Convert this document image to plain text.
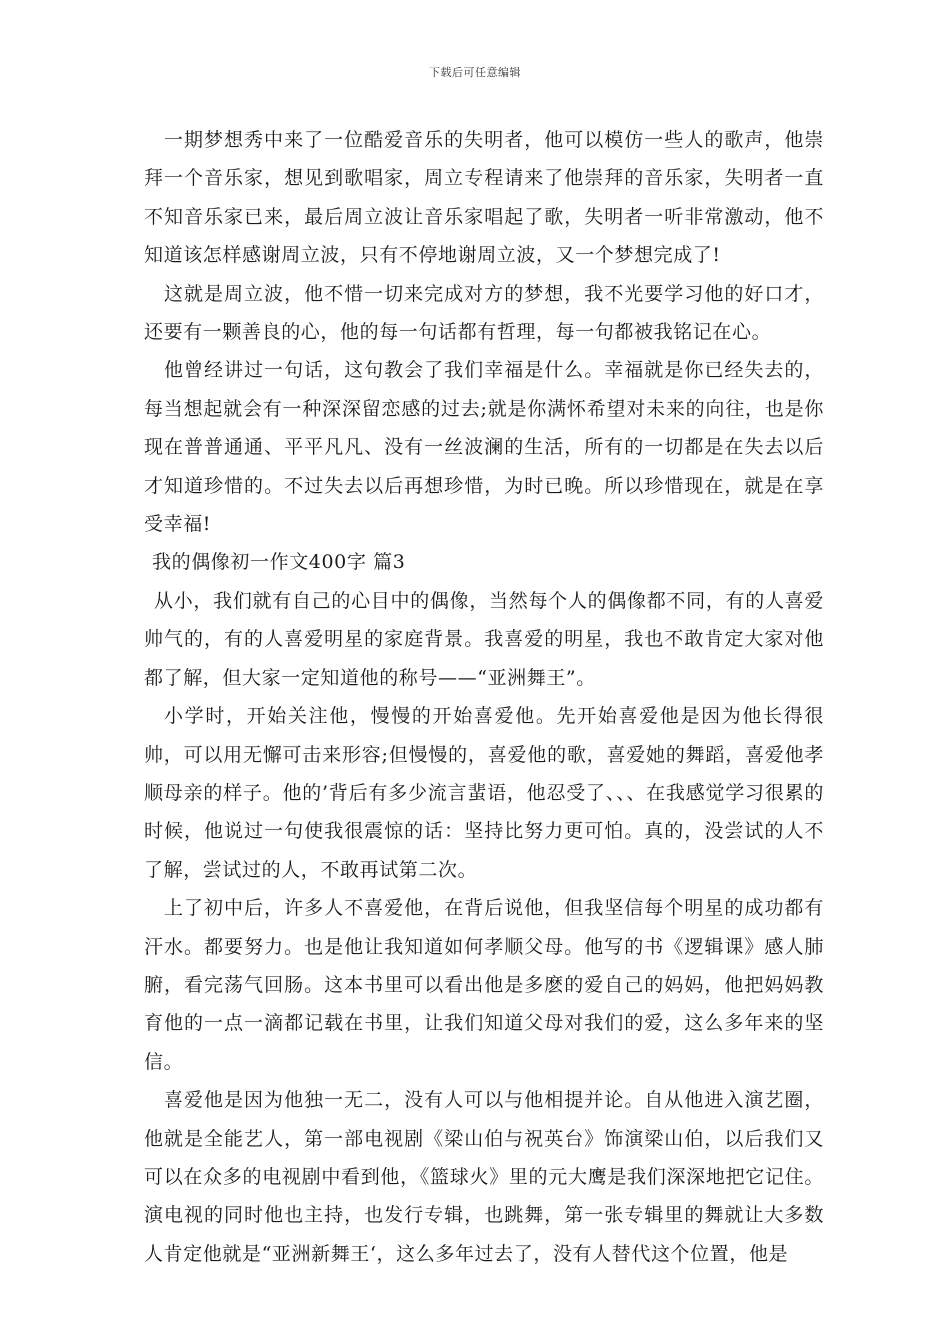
下载后可任意编辑

一期梦想秀中来了一位酷爱音乐的失明者，他可以模仿一些人的歌声，他崇拜一个音乐家，想见到歌唱家，周立专程请来了他崇拜的音乐家，失明者一直不知音乐家已来，最后周立波让音乐家唱起了歌，失明者一听非常激动，他不知道该怎样感谢周立波，只有不停地谢周立波，又一个梦想完成了!

这就是周立波，他不惜一切来完成对方的梦想，我不光要学习他的好口才，还要有一颗善良的心，他的每一句话都有哲理，每一句都被我铭记在心。

他曾经讲过一句话，这句教会了我们幸福是什么。幸福就是你已经失去的，每当想起就会有一种深深留恋感的过去;就是你满怀希望对未来的向往，也是你现在普普通通、平平凡凡、没有一丝波澜的生活，所有的一切都是在失去以后才知道珍惜的。不过失去以后再想珍惜，为时已晚。所以珍惜现在，就是在享受幸福!

我的偶像初一作文400字 篇3

从小，我们就有自己的心目中的偶像，当然每个人的偶像都不同，有的人喜爱帅气的，有的人喜爱明星的家庭背景。我喜爱的明星，我也不敢肯定大家对他都了解，但大家一定知道他的称号——“亚洲舞王”。

小学时，开始关注他，慢慢的开始喜爱他。先开始喜爱他是因为他长得很帅，可以用无懈可击来形容;但慢慢的，喜爱他的歌，喜爱她的舞蹈，喜爱他孝顺母亲的样子。他的’背后有多少流言蜚语，他忍受了、、、在我感觉学习很累的时候，他说过一句使我很震惊的话：坚持比努力更可怕。真的，没尝试的人不了解，尝试过的人，不敢再试第二次。

上了初中后，许多人不喜爱他，在背后说他，但我坚信每个明星的成功都有汗水。都要努力。也是他让我知道如何孝顺父母。他写的书《逻辑课》感人肺腑，看完荡气回肠。这本书里可以看出他是多麽的爱自己的妈妈，他把妈妈教育他的一点一滴都记载在书里，让我们知道父母对我们的爱，这么多年来的坚信。

喜爱他是因为他独一无二，没有人可以与他相提并论。自从他进入演艺圈，他就是全能艺人，第一部电视剧《梁山伯与祝英台》饰演梁山伯，以后我们又可以在众多的电视剧中看到他，《篮球火》里的元大鹰是我们深深地把它记住。演电视的同时他也主持，也发行专辑，也跳舞，第一张专辑里的舞就让大多数人肯定他就是“亚洲新舞王‘，这么多年过去了，没有人替代这个位置，他是
